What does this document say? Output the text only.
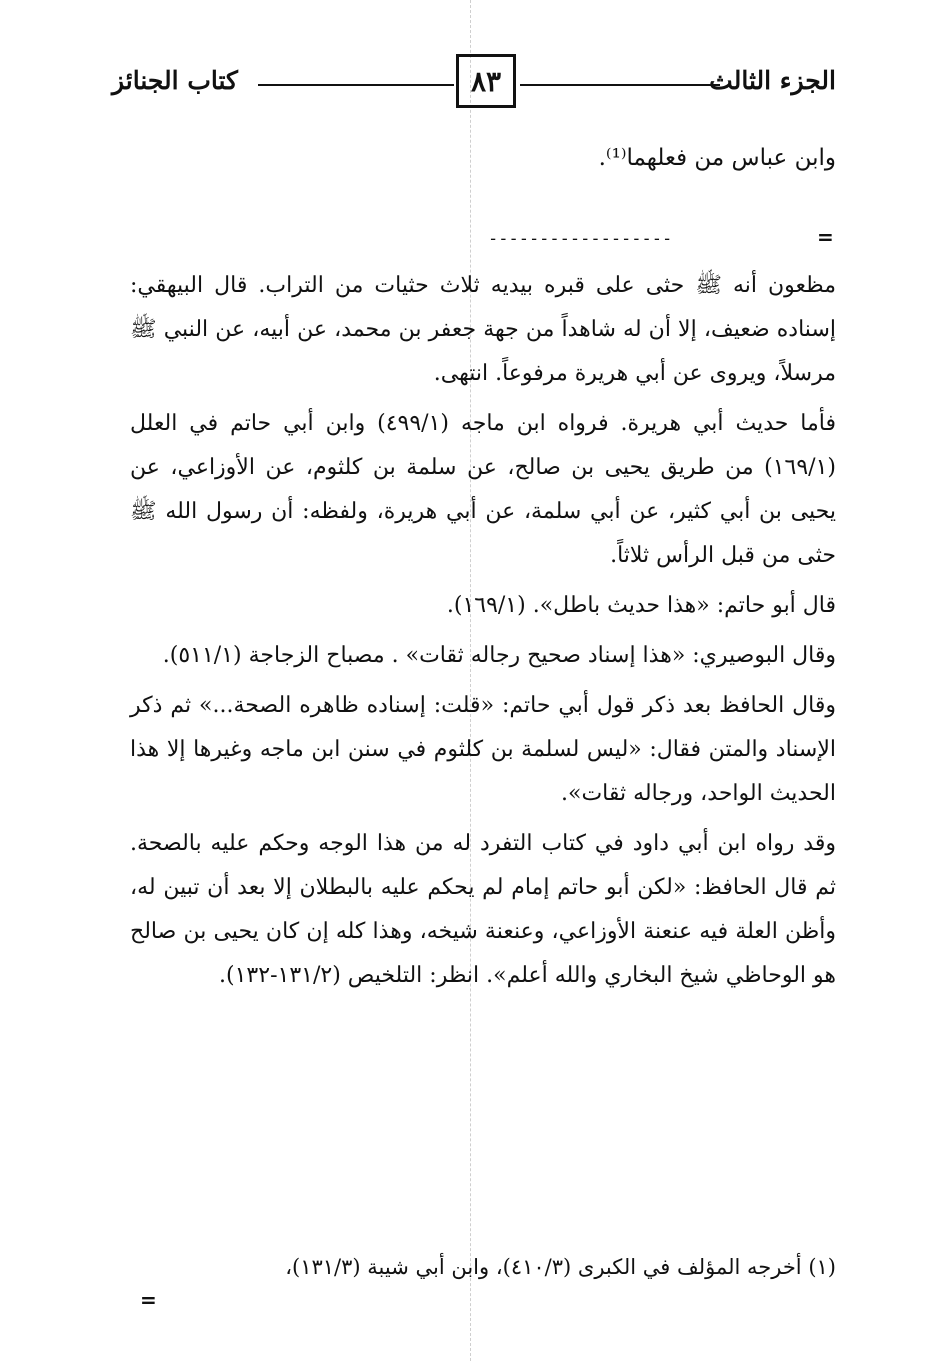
الجزء الثالث
٨٣
كتاب الجنائز
وابن عباس من فعلهما⁽¹⁾.
------------------	=

مظعون أنه ﷺ حثى على قبره بيديه ثلاث حثيات من التراب. قال البيهقي: إسناده ضعيف، إلا أن له شاهداً من جهة جعفر بن محمد، عن أبيه، عن النبي ﷺ مرسلاً، ويروى عن أبي هريرة مرفوعاً. انتهى.

فأما حديث أبي هريرة. فرواه ابن ماجه (٤٩٩/١) وابن أبي حاتم في العلل (١٦٩/١) من طريق يحيى بن صالح، عن سلمة بن كلثوم، عن الأوزاعي، عن يحيى بن أبي كثير، عن أبي سلمة، عن أبي هريرة، ولفظه: أن رسول الله ﷺ حثى من قبل الرأس ثلاثاً.

قال أبو حاتم: «هذا حديث باطل». (١٦٩/١).

وقال البوصيري: «هذا إسناد صحيح رجاله ثقات» . مصباح الزجاجة (٥١١/١).

وقال الحافظ بعد ذكر قول أبي حاتم: «قلت: إسناده ظاهره الصحة...» ثم ذكر الإسناد والمتن فقال: «ليس لسلمة بن كلثوم في سنن ابن ماجه وغيرها إلا هذا الحديث الواحد، ورجاله ثقات».

وقد رواه ابن أبي داود في كتاب التفرد له من هذا الوجه وحكم عليه بالصحة. ثم قال الحافظ: «لكن أبو حاتم إمام لم يحكم عليه بالبطلان إلا بعد أن تبين له، وأظن العلة فيه عنعنة الأوزاعي، وعنعنة شيخه، وهذا كله إن كان يحيى بن صالح هو الوحاظي شيخ البخاري والله أعلم». انظر: التلخيص (١٣١/٢-١٣٢).

(١) أخرجه المؤلف في الكبرى (٤١٠/٣)، وابن أبي شيبة (١٣١/٣)،
=
